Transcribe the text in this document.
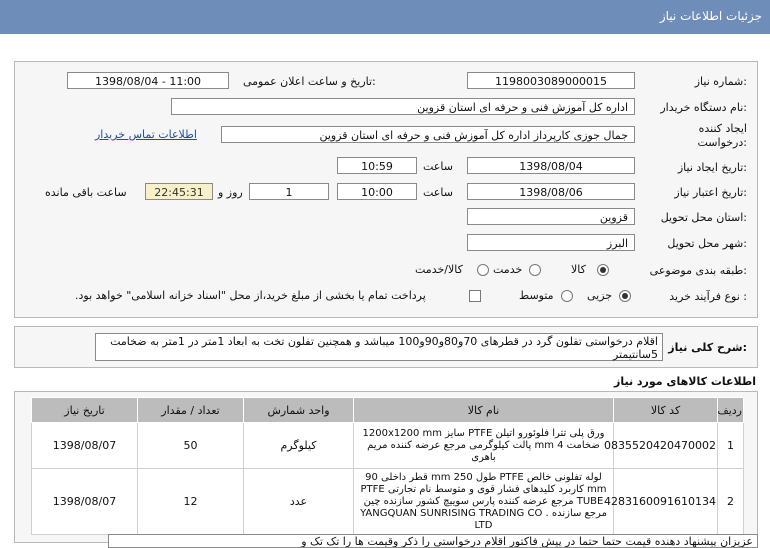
جزئیات اطلاعات نیاز
شماره نیاز:
1198003089000015
تاریخ و ساعت اعلان عمومی:
1398/08/04 - 11:00
نام دستگاه خریدار:
اداره کل آموزش فنی و حرفه ای استان قزوین
ایجاد کننده
درخواست:
جمال جوزی کارپرداز اداره کل آموزش فنی و حرفه ای استان قزوین
اطلاعات تماس خریدار
تاریخ ایجاد نیاز:
1398/08/04
ساعت
10:59
تاریخ اعتبار نیاز:
1398/08/06
ساعت
10:00
1
روز و
22:45:31
ساعت باقی مانده
استان محل تحویل:
قزوین
شهر محل تحویل:
البرز
طبقه بندی موضوعی:
کالا
خدمت
کالا/خدمت
نوع فرآیند خرید :
جزیی
متوسط
پرداخت تمام یا بخشی از مبلغ خرید،از محل "اسناد خزانه اسلامی" خواهد بود.
شرح کلی نیاز:
اقلام درخواستی تفلون گرد در قطرهای 70و80و90و100 میباشد و همچنین تفلون تخت به ابعاد 1متر در 1متر به ضخامت 5سانتیمتر
اطلاعات کالاهای مورد نیاز
ردیف	کد کالا	نام کالا	واحد شمارش	تعداد / مقدار	تاریخ نیاز
1	0835520420470002	ورق پلی تترا فلوئورو اتیلن PTFE سایز 1200x1200 mm ضخامت 4 mm پالت کیلوگرمی مرجع عرضه کننده مریم باهری	کیلوگرم	50	1398/08/07
2	4283160091610134	لوله تفلونی خالص PTFE طول 250 mm قطر داخلی 90 mm کاربرد کلیدهای فشار قوی و متوسط نام تجارتی PTFE TUBE مرجع عرضه کننده پارس سوییچ کشور سازنده چین مرجع سازنده YANGQUAN SUNRISING TRADING CO . LTD	عدد	12	1398/08/07
عزیزان پیشنهاد دهنده قیمت حتما حتما در پیش فاکتور اقلام درخواستی را ذکر وقیمت ها را تک تک و
